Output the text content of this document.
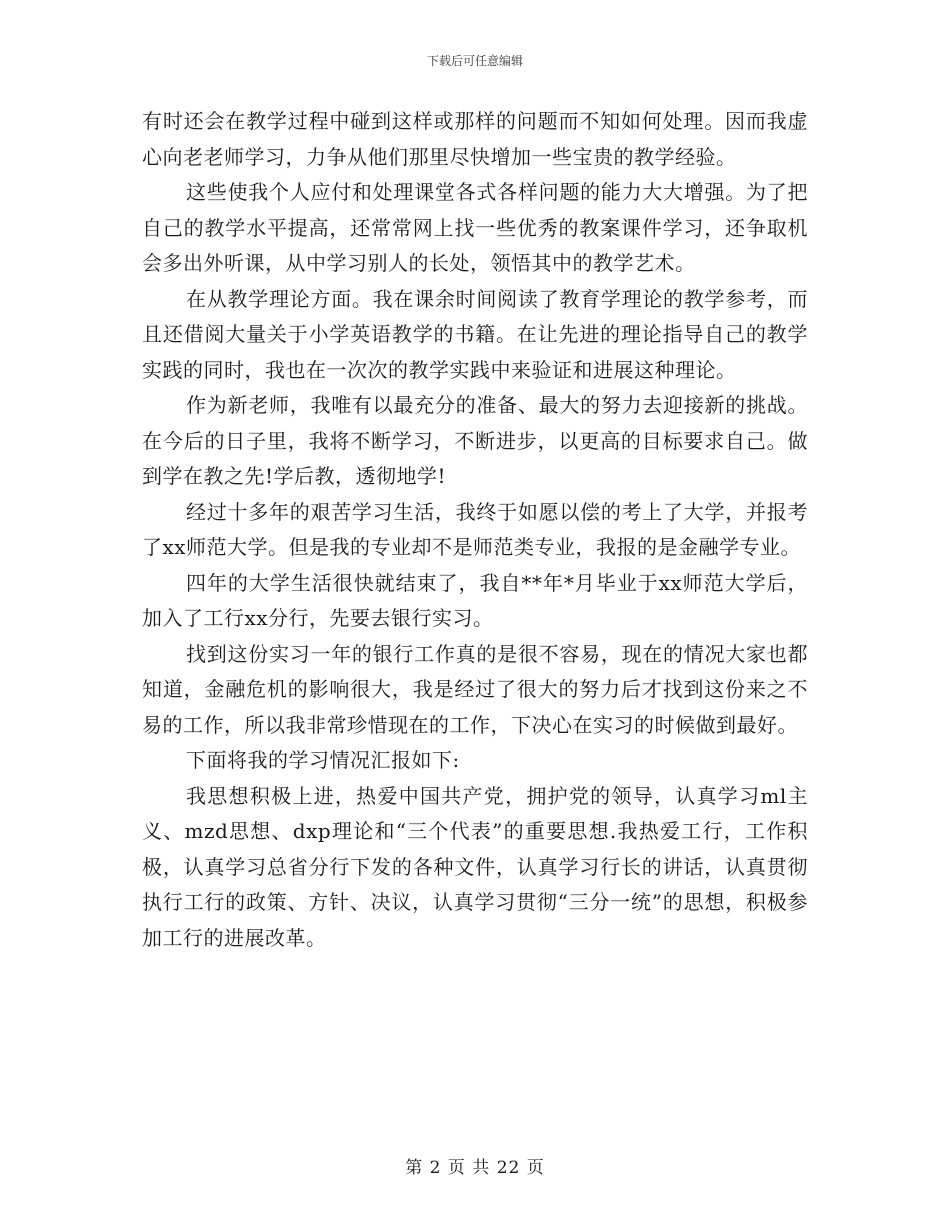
下载后可任意编辑

有时还会在教学过程中碰到这样或那样的问题而不知如何处理。因而我虚心向老老师学习，力争从他们那里尽快增加一些宝贵的教学经验。

这些使我个人应付和处理课堂各式各样问题的能力大大增强。为了把自己的教学水平提高，还常常网上找一些优秀的教案课件学习，还争取机会多出外听课，从中学习别人的长处，领悟其中的教学艺术。

在从教学理论方面。我在课余时间阅读了教育学理论的教学参考，而且还借阅大量关于小学英语教学的书籍。在让先进的理论指导自己的教学实践的同时，我也在一次次的教学实践中来验证和进展这种理论。

作为新老师，我唯有以最充分的准备、最大的努力去迎接新的挑战。在今后的日子里，我将不断学习，不断进步，以更高的目标要求自己。做到学在教之先!学后教，透彻地学!

经过十多年的艰苦学习生活，我终于如愿以偿的考上了大学，并报考了xx师范大学。但是我的专业却不是师范类专业，我报的是金融学专业。

四年的大学生活很快就结束了，我自**年*月毕业于xx师范大学后，加入了工行xx分行，先要去银行实习。

找到这份实习一年的银行工作真的是很不容易，现在的情况大家也都知道，金融危机的影响很大，我是经过了很大的努力后才找到这份来之不易的工作，所以我非常珍惜现在的工作，下决心在实习的时候做到最好。

下面将我的学习情况汇报如下:

我思想积极上进，热爱中国共产党，拥护党的领导，认真学习ml主义、mzd思想、dxp理论和“三个代表”的重要思想.我热爱工行，工作积极，认真学习总省分行下发的各种文件，认真学习行长的讲话，认真贯彻执行工行的政策、方针、决议，认真学习贯彻“三分一统”的思想，积极参加工行的进展改革。

第 2 页 共 22 页
